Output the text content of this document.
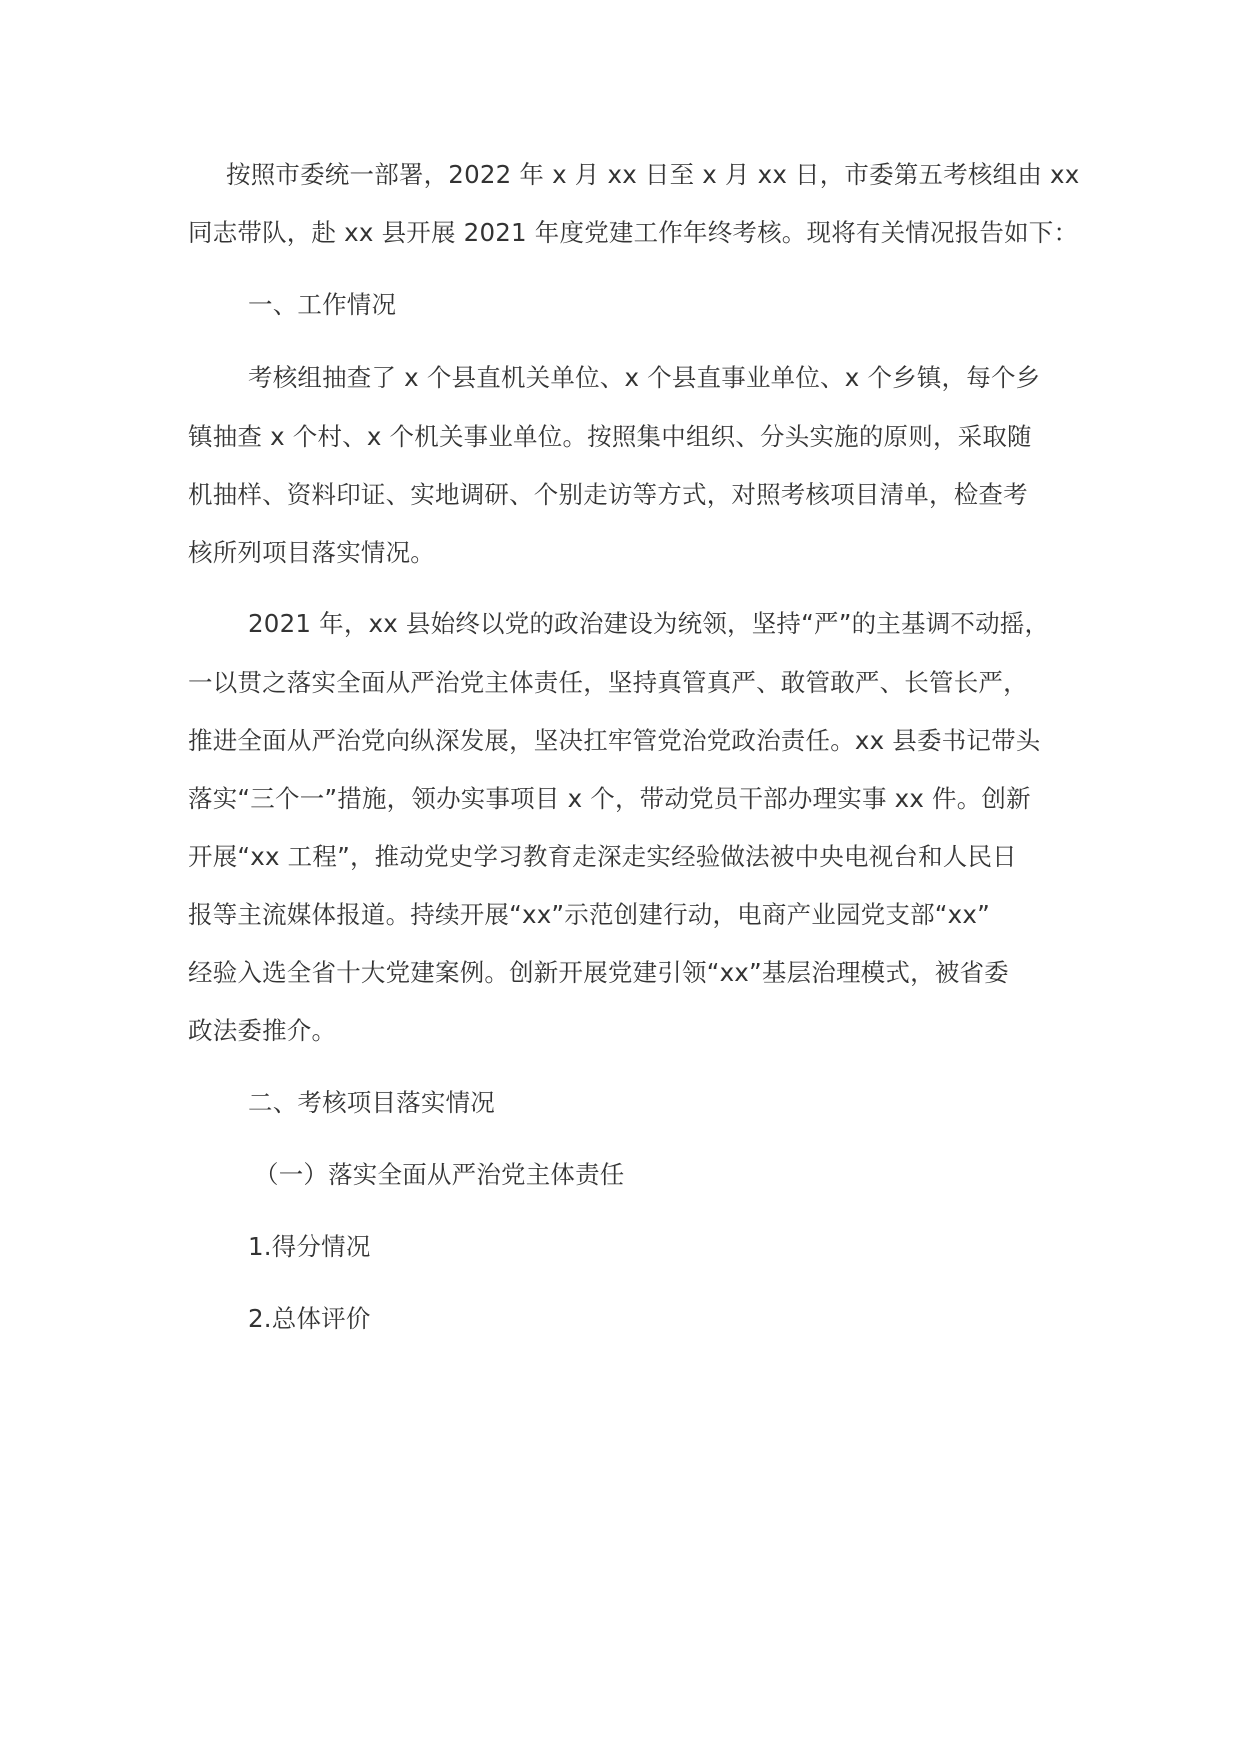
按照市委统一部署，2022 年 x 月 xx 日至 x 月 xx 日，市委第五考核组由 xx
同志带队，赴 xx 县开展 2021 年度党建工作年终考核。现将有关情况报告如下：
一、工作情况
考核组抽查了 x 个县直机关单位、x 个县直事业单位、x 个乡镇，每个乡
镇抽查 x 个村、x 个机关事业单位。按照集中组织、分头实施的原则，采取随
机抽样、资料印证、实地调研、个别走访等方式，对照考核项目清单，检查考
核所列项目落实情况。
2021 年，xx 县始终以党的政治建设为统领，坚持“严”的主基调不动摇，
一以贯之落实全面从严治党主体责任，坚持真管真严、敢管敢严、长管长严，
推进全面从严治党向纵深发展，坚决扛牢管党治党政治责任。xx 县委书记带头
落实“三个一”措施，领办实事项目 x 个，带动党员干部办理实事 xx 件。创新
开展“xx 工程”，推动党史学习教育走深走实经验做法被中央电视台和人民日
报等主流媒体报道。持续开展“xx”示范创建行动，电商产业园党支部“xx”
经验入选全省十大党建案例。创新开展党建引领“xx”基层治理模式，被省委
政法委推介。
二、考核项目落实情况
（一）落实全面从严治党主体责任
1.得分情况
2.总体评价
